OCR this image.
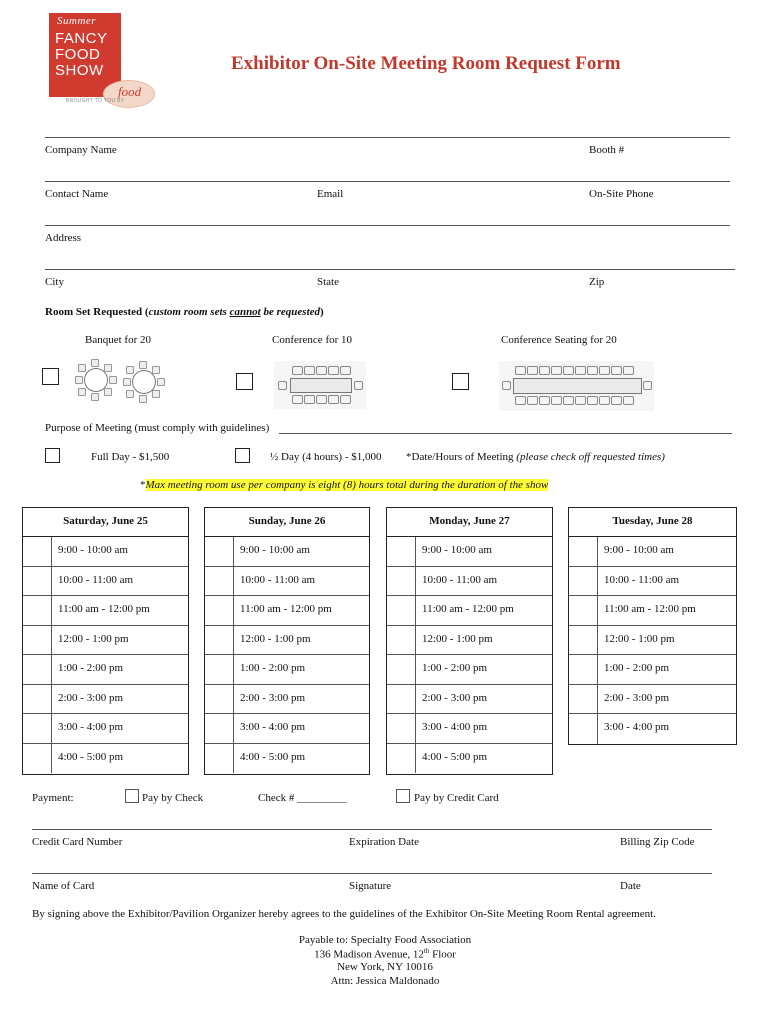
Summer
FANCY
FOOD
SHOW
food
BROUGHT TO YOU BY
Exhibitor On-Site Meeting Room Request Form
Company Name	Booth #
Contact Name	Email	On-Site Phone
Address
City	State	Zip
Room Set Requested (custom room sets cannot be requested)
Banquet for 20	Conference for 10	Conference Seating for 20
Purpose of Meeting (must comply with guidelines)
Full Day - $1,500	½ Day (4 hours) - $1,000 *Date/Hours of Meeting (please check off requested times)
*Max meeting room use per company is eight (8) hours total during the duration of the show
Saturday, June 25
9:00 - 10:00 am
10:00 - 11:00 am
11:00 am - 12:00 pm
12:00 - 1:00 pm
1:00 - 2:00 pm
2:00 - 3:00 pm
3:00 - 4:00 pm
4:00 - 5:00 pm
Sunday, June 26
9:00 - 10:00 am
10:00 - 11:00 am
11:00 am - 12:00 pm
12:00 - 1:00 pm
1:00 - 2:00 pm
2:00 - 3:00 pm
3:00 - 4:00 pm
4:00 - 5:00 pm
Monday, June 27
9:00 - 10:00 am
10:00 - 11:00 am
11:00 am - 12:00 pm
12:00 - 1:00 pm
1:00 - 2:00 pm
2:00 - 3:00 pm
3:00 - 4:00 pm
4:00 - 5:00 pm
Tuesday, June 28
9:00 - 10:00 am
10:00 - 11:00 am
11:00 am - 12:00 pm
12:00 - 1:00 pm
1:00 - 2:00 pm
2:00 - 3:00 pm
3:00 - 4:00 pm
Payment:	Pay by Check	Check # _________	Pay by Credit Card
Credit Card Number	Expiration Date	Billing Zip Code
Name of Card	Signature	Date
By signing above the Exhibitor/Pavilion Organizer hereby agrees to the guidelines of the Exhibitor On-Site Meeting Room Rental agreement.
Payable to: Specialty Food Association
136 Madison Avenue, 12th Floor
New York, NY 10016
Attn: Jessica Maldonado
